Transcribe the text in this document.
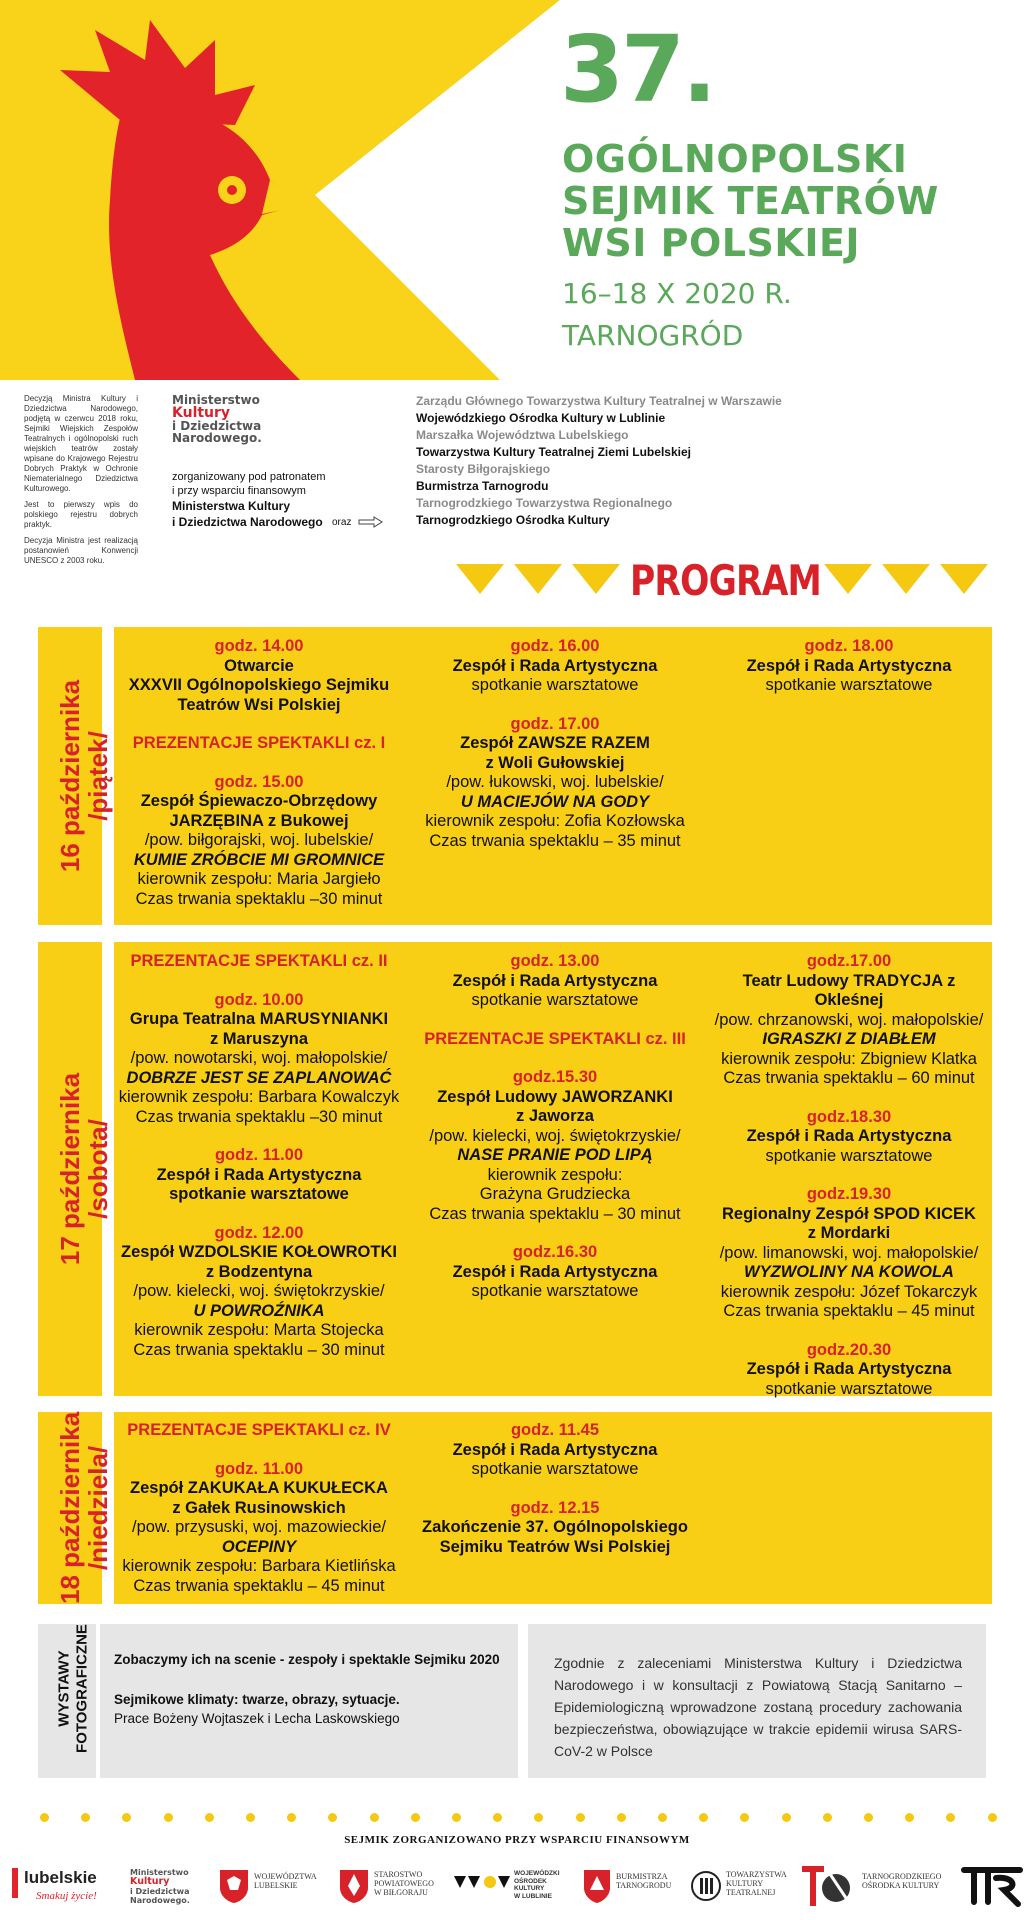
37.
OGÓLNOPOLSKI
SEJMIK TEATRÓW
WSI POLSKIEJ
16–18 X 2020 R.
TARNOGRÓD

Decyzją Ministra Kultury i Dziedzictwa Narodowego, podjętą w czerwcu 2018 roku, Sejmiki Wiejskich Zespołów Teatralnych i ogólnopolski ruch wiejskich teatrów zostały wpisane do Krajowego Rejestru Dobrych Praktyk w Ochronie Niematerialnego Dziedzictwa Kulturowego.

Jest to pierwszy wpis do polskiego rejestru dobrych praktyk.

Decyzja Ministra jest realizacją postanowień Konwencji UNESCO z 2003 roku.

Ministerstwo
Kultury
i Dziedzictwa
Narodowego.
zorganizowany pod patronatem
i przy wsparciu finansowym
Ministerstwa Kultury
i Dziedzictwa Narodowego oraz
Zarządu Głównego Towarzystwa Kultury Teatralnej w Warszawie
Wojewódzkiego Ośrodka Kultury w Lublinie
Marszałka Województwa Lubelskiego
Towarzystwa Kultury Teatralnej Ziemi Lubelskiej
Starosty Biłgorajskiego
Burmistrza Tarnogrodu
Tarnogrodzkiego Towarzystwa Regionalnego
Tarnogrodzkiego Ośrodka Kultury
PROGRAM
16 października
/piątek/
godz. 14.00
Otwarcie
XXXVII Ogólnopolskiego Sejmiku
Teatrów Wsi Polskiej
PREZENTACJE SPEKTAKLI cz. I
godz. 15.00
Zespół Śpiewaczo-Obrzędowy
JARZĘBINA z Bukowej
/pow. biłgorajski, woj. lubelskie/
KUMIE ZRÓBCIE MI GROMNICE
kierownik zespołu: Maria Jargieło
Czas trwania spektaklu –30 minut
godz. 16.00
Zespół i Rada Artystyczna
spotkanie warsztatowe
godz. 17.00
Zespół ZAWSZE RAZEM
z Woli Gułowskiej
/pow. łukowski, woj. lubelskie/
U MACIEJÓW NA GODY
kierownik zespołu: Zofia Kozłowska
Czas trwania spektaklu – 35 minut
godz. 18.00
Zespół i Rada Artystyczna
spotkanie warsztatowe
17 października
/sobota/
PREZENTACJE SPEKTAKLI cz. II
godz. 10.00
Grupa Teatralna MARUSYNIANKI
z Maruszyna
/pow. nowotarski, woj. małopolskie/
DOBRZE JEST SE ZAPLANOWAĆ
kierownik zespołu: Barbara Kowalczyk
Czas trwania spektaklu –30 minut
godz. 11.00
Zespół i Rada Artystyczna
spotkanie warsztatowe
godz. 12.00
Zespół WZDOLSKIE KOŁOWROTKI
z Bodzentyna
/pow. kielecki, woj. świętokrzyskie/
U POWROŹNIKA
kierownik zespołu: Marta Stojecka
Czas trwania spektaklu – 30 minut
godz. 13.00
Zespół i Rada Artystyczna
spotkanie warsztatowe
PREZENTACJE SPEKTAKLI cz. III
godz.15.30
Zespół Ludowy JAWORZANKI
z Jaworza
/pow. kielecki, woj. świętokrzyskie/
NASE PRANIE POD LIPĄ
kierownik zespołu:
Grażyna Grudziecka
Czas trwania spektaklu – 30 minut
godz.16.30
Zespół i Rada Artystyczna
spotkanie warsztatowe
godz.17.00
Teatr Ludowy TRADYCJA z Okleśnej
/pow. chrzanowski, woj. małopolskie/
IGRASZKI Z DIABŁEM
kierownik zespołu: Zbigniew Klatka
Czas trwania spektaklu – 60 minut
godz.18.30
Zespół i Rada Artystyczna
spotkanie warsztatowe
godz.19.30
Regionalny Zespół SPOD KICEK
z Mordarki
/pow. limanowski, woj. małopolskie/
WYZWOLINY NA KOWOLA
kierownik zespołu: Józef Tokarczyk
Czas trwania spektaklu – 45 minut
godz.20.30
Zespół i Rada Artystyczna
spotkanie warsztatowe
18 października
/niedziela/
PREZENTACJE SPEKTAKLI cz. IV
godz. 11.00
Zespół ZAKUKAŁA KUKUŁECKA
z Gałek Rusinowskich
/pow. przysuski, woj. mazowieckie/
OCEPINY
kierownik zespołu: Barbara Kietlińska
Czas trwania spektaklu – 45 minut
godz. 11.45
Zespół i Rada Artystyczna
spotkanie warsztatowe
godz. 12.15
Zakończenie 37. Ogólnopolskiego
Sejmiku Teatrów Wsi Polskiej
WYSTAWY FOTOGRAFICZNE Zobaczymy ich na scenie - zespoły i spektakle Sejmiku 2020
Sejmikowe klimaty: twarze, obrazy, sytuacje.
Prace Bożeny Wojtaszek i Lecha Laskowskiego
Zgodnie z zaleceniami Ministerstwa Kultury i Dziedzictwa Narodowego i w konsultacji z Powiatową Stacją Sanitarno – Epidemiologiczną wprowadzone zostaną procedury zachowania bezpieczeństwa, obowiązujące w trakcie epidemii wirusa SARS-CoV-2 w Polsce
SEJMIK ZORGANIZOWANO PRZY WSPARCIU FINANSOWYM
lubelskie
Smakuj życie!
Ministerstwo
Kultury
i Dziedzictwa
Narodowego.
WOJEWÓDZTWA
LUBELSKIE
STAROSTWO
POWIATOWEGO
W BIŁGORAJU
WOJEWÓDZKI
OŚRODEK
KULTURY
W LUBLINIE
BURMISTRZA
TARNOGRODU
TOWARZYSTWA
KULTURY
TEATRALNEJ
TARNOGRODZKIEGO
OŚRODKA KULTURY
